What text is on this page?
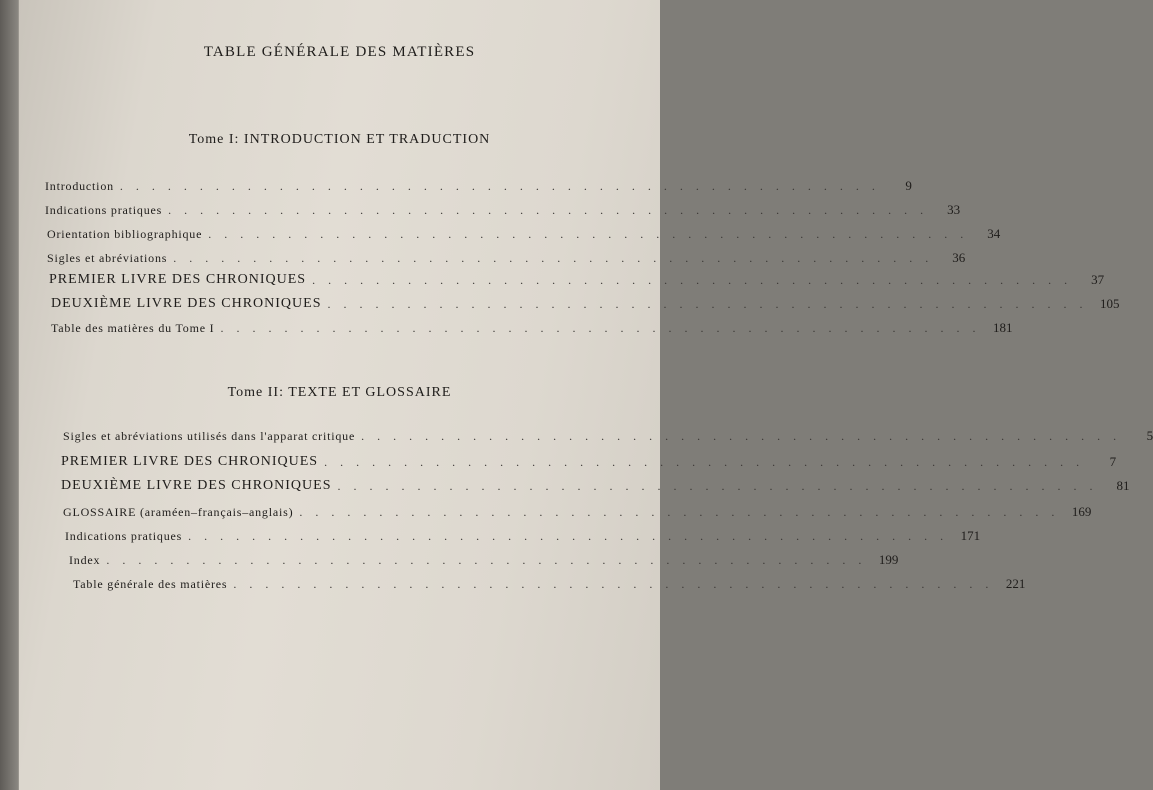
TABLE GÉNÉRALE DES MATIÈRES
Tome I: INTRODUCTION ET TRADUCTION
Introduction . . . . . . . . . . . . . . . . . . . . . . . . . . . . . . . . . . . . . . . . . . . . . . . .	9
Indications pratiques . . . . . . . . . . . . . . . . . . . . . . . . . . . . . . . . . . . . . . . . . . . . . . . .	33
Orientation bibliographique . . . . . . . . . . . . . . . . . . . . . . . . . . . . . . . . . . . . . . . . . . . . . . . .	34
Sigles et abréviations . . . . . . . . . . . . . . . . . . . . . . . . . . . . . . . . . . . . . . . . . . . . . . . .	36
PREMIER LIVRE DES CHRONIQUES . . . . . . . . . . . . . . . . . . . . . . . . . . . . . . . . . . . . . . . . . . . . . . . .	37
DEUXIÈME LIVRE DES CHRONIQUES . . . . . . . . . . . . . . . . . . . . . . . . . . . . . . . . . . . . . . . . . . . . . . . . 105
Table des matières du Tome I . . . . . . . . . . . . . . . . . . . . . . . . . . . . . . . . . . . . . . . . . . . . . . . . 181
Tome II: TEXTE ET GLOSSAIRE
Sigles et abréviations utilisés dans l'apparat critique . . . . . . . . . . . . . . . . . . . . . . . . . . . . . . . . . . . . . . . . . . . . . . . .	5
PREMIER LIVRE DES CHRONIQUES . . . . . . . . . . . . . . . . . . . . . . . . . . . . . . . . . . . . . . . . . . . . . . . .	7
DEUXIÈME LIVRE DES CHRONIQUES . . . . . . . . . . . . . . . . . . . . . . . . . . . . . . . . . . . . . . . . . . . . . . . .	81
GLOSSAIRE (araméen–français–anglais) . . . . . . . . . . . . . . . . . . . . . . . . . . . . . . . . . . . . . . . . . . . . . . . . 169
Indications pratiques . . . . . . . . . . . . . . . . . . . . . . . . . . . . . . . . . . . . . . . . . . . . . . . . 171
Index . . . . . . . . . . . . . . . . . . . . . . . . . . . . . . . . . . . . . . . . . . . . . . . . 199
Table générale des matières . . . . . . . . . . . . . . . . . . . . . . . . . . . . . . . . . . . . . . . . . . . . . . . . 221
